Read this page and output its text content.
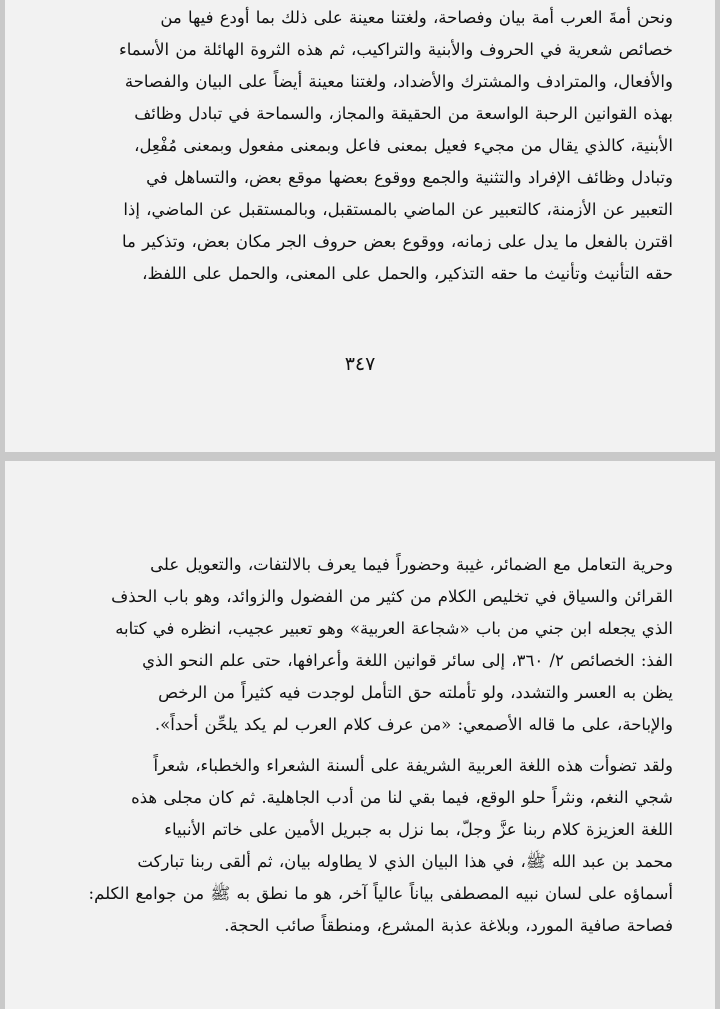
ونحن أمةَ العرب أمة بيان وفصاحة، ولغتنا معينة على ذلك بما أودع فيها من
خصائص شعرية في الحروف والأبنية والتراكيب، ثم هذه الثروة الهائلة من الأسماء
والأفعال، والمترادف والمشترك والأضداد، ولغتنا معينة أيضاً على البيان والفصاحة
بهذه القوانين الرحبة الواسعة من الحقيقة والمجاز، والسماحة في تبادل وظائف
الأبنية، كالذي يقال من مجيء فعيل بمعنى فاعل وبمعنى مفعول وبمعنى مُفْعِل،
وتبادل وظائف الإفراد والتثنية والجمع ووقوع بعضها موقع بعض، والتساهل في
التعبير عن الأزمنة، كالتعبير عن الماضي بالمستقبل، وبالمستقبل عن الماضي، إذا
اقترن بالفعل ما يدل على زمانه، ووقوع بعض حروف الجر مكان بعض، وتذكير ما
حقه التأنيث وتأنيث ما حقه التذكير، والحمل على المعنى، والحمل على اللفظ،
٣٤٧
وحرية التعامل مع الضمائر، غيبة وحضوراً فيما يعرف بالالتفات، والتعويل على
القرائن والسياق في تخليص الكلام من كثير من الفضول والزوائد، وهو باب الحذف
الذي يجعله ابن جني من باب «شجاعة العربية» وهو تعبير عجيب، انظره في كتابه
الفذ: الخصائص ٢/ ٣٦٠، إلى سائر قوانين اللغة وأعرافها، حتى علم النحو الذي
يظن به العسر والتشدد، ولو تأملته حق التأمل لوجدت فيه كثيراً من الرخص
والإباحة، على ما قاله الأصمعي: «من عرف كلام العرب لم يكد يلحِّن أحداً».
ولقد تضوأت هذه اللغة العربية الشريفة على ألسنة الشعراء والخطباء، شعراً
شجي النغم، ونثراً حلو الوقع، فيما بقي لنا من أدب الجاهلية. ثم كان مجلى هذه
اللغة العزيزة كلام ربنا عزَّ وجلّ، بما نزل به جبريل الأمين على خاتم الأنبياء
محمد بن عبد الله ﷺ، في هذا البيان الذي لا يطاوله بيان، ثم ألقى ربنا تباركت
أسماؤه على لسان نبيه المصطفى بياناً عالياً آخر، هو ما نطق به ﷺ من جوامع الكلم:
فصاحة صافية المورد، وبلاغة عذبة المشرع، ومنطقاً صائب الحجة.
